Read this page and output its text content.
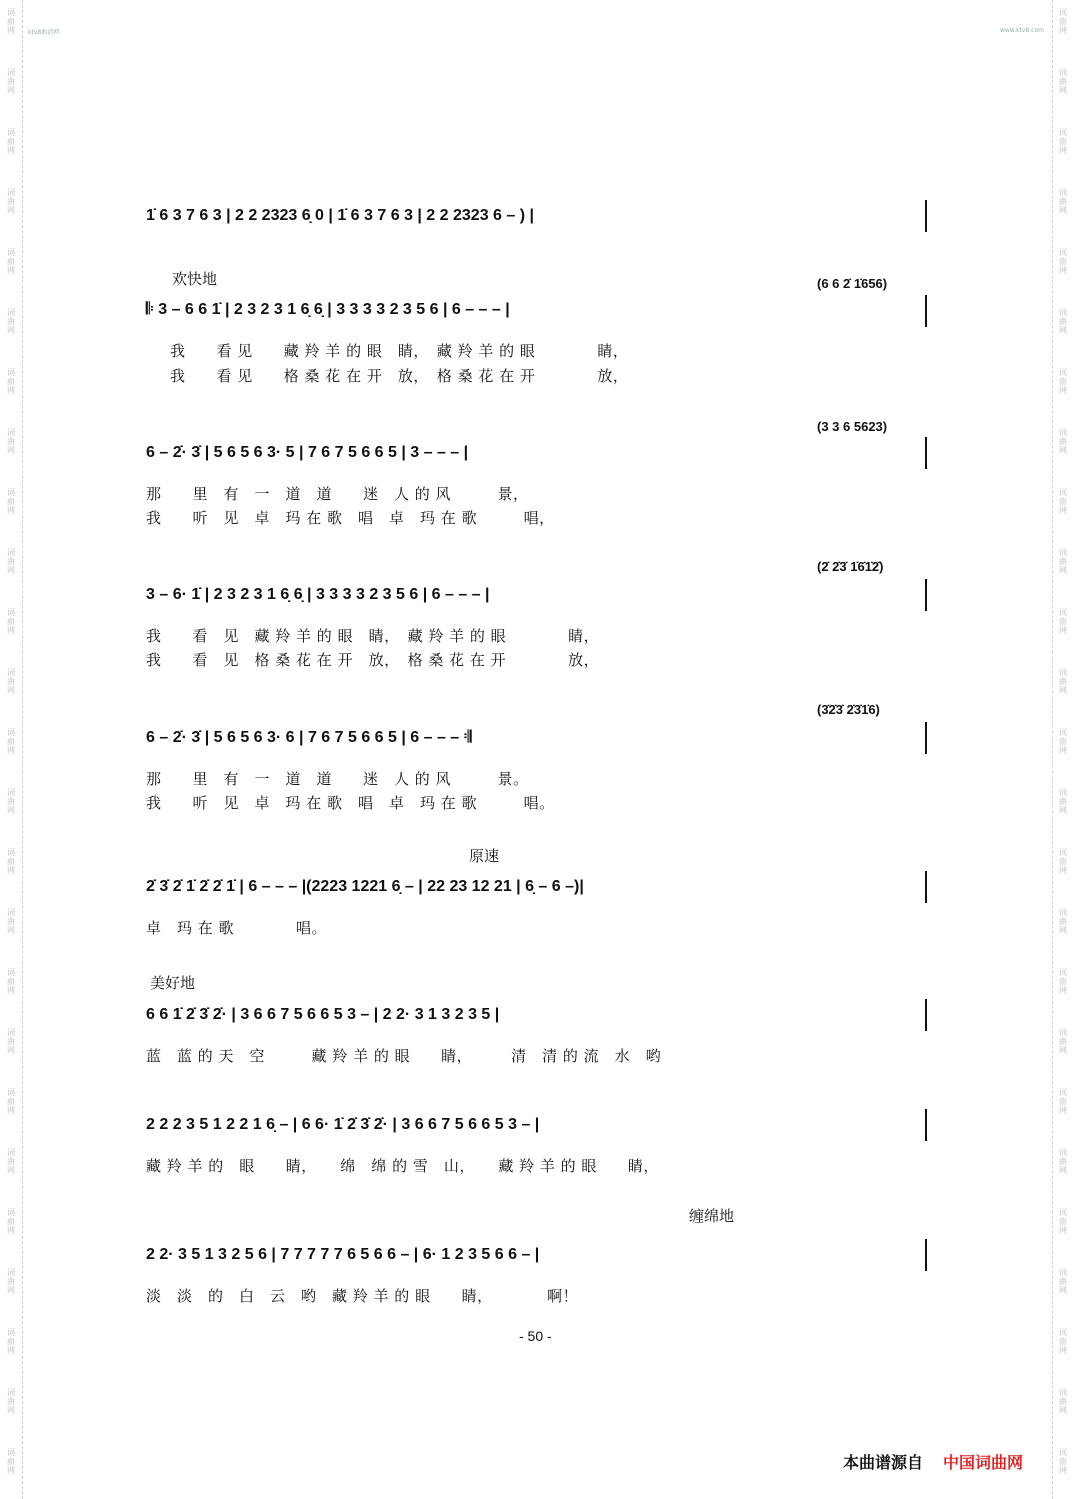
词
曲
网
词
曲
网
词
曲
网
词
曲
网
词
曲
网
词
曲
网
词
曲
网
词
曲
网
词
曲
网
词
曲
网
词
曲
网
词
曲
网
词
曲
网
词
曲
网
词
曲
网
词
曲
网
词
曲
网
词
曲
网
词
曲
网
词
曲
网
词
曲
网
词
曲
网
词
曲
网
词
曲
网
词
曲
网
词
曲
网
词
曲
网
词
曲
网
词
曲
网
词
曲
网
词
曲
网
词
曲
网
词
曲
网
词
曲
网
词
曲
网
词
曲
网
词
曲
网
词
曲
网
词
曲
网
词
曲
网
词
曲
网
词
曲
网
词
曲
网
词
曲
网
词
曲
网
词
曲
网
词
曲
网
词
曲
网
词
曲
网
词
曲
网
ktv8曲谱网	www.ktv8.com
1̇ 6 3 7 6 3 | 2 2 2323 6̣ 0 | 1̇ 6 3 7 6 3 | 2 2 2323 6 – ) |
欢快地	(6 6 2̇ 1̇656)
𝄆 3 – 6 6 1̇ | 2 3 2 3 1 6̣ 6̣ | 3 3 3 3 2 3 5 6 | 6 – – – |
我　　看 见　　藏 羚 羊 的 眼　睛，　藏 羚 羊 的 眼　　　　睛，
我　　看 见　　格 桑 花 在 开　放，　格 桑 花 在 开　　　　放，
(3 3 6 5623)
6 – 2̇· 3̇ | 5 6 5 6 3· 5 | 7 6 7 5 6 6 5 | 3 – – – |
那　　里　有　一　道　道　　迷　人 的 风　　　景，
我　　听　见　卓　玛 在 歌　唱　卓　玛 在 歌　　　唱，
(2̇ 2̇3̇ 1̇6̇1̇2̇)
3 – 6· 1̇ | 2 3 2 3 1 6̣ 6̣ | 3 3 3 3 2 3 5 6 | 6 – – – |
我　　看　见　藏 羚 羊 的 眼　睛，　藏 羚 羊 的 眼　　　　睛，
我　　看　见　格 桑 花 在 开　放，　格 桑 花 在 开　　　　放，
(3̇2̇3̇ 2̇3̇1̇6)
6 – 2̇· 3̇ | 5 6 5 6 3· 6 | 7 6 7 5 6 6 5 | 6 – – – 𝄇
那　　里　有　一　道　道　　迷　人 的 风　　　景。
我　　听　见　卓　玛 在 歌　唱　卓　玛 在 歌　　　唱。
原速
2̇ 3̇ 2̇ 1̇ 2̇ 2̇ 1̇ | 6 – – – |(2223 1221 6̣ – | 22 23 12 21 | 6̣ – 6 –)|
卓　玛 在 歌　　　　唱。
美好地
6 6 1̇ 2̇ 3̇ 2̇· | 3 6 6 7 5 6 6 5 3 – | 2 2· 3 1 3 2 3 5 |
蓝　蓝 的 天　空　　　藏 羚 羊 的 眼　　睛，　　　清　清 的 流　水　哟
2 2 2 3 5 1 2 2 1 6̣ – | 6 6· 1̇ 2̇ 3̇ 2̇· | 3 6 6 7 5 6 6 5 3 – |
藏 羚 羊 的　眼　　睛，　　绵　绵 的 雪　山，　　藏 羚 羊 的 眼　　睛，
缠绵地
2 2· 3 5 1 3 2 5 6 | 7 7 7 7 7 6 5 6 6 – | 6· 1 2 3 5 6 6 – |
淡　淡　的　白　云　哟　藏 羚 羊 的 眼　　睛，　　　　啊！
- 50 -
本曲谱源自 中国词曲网
